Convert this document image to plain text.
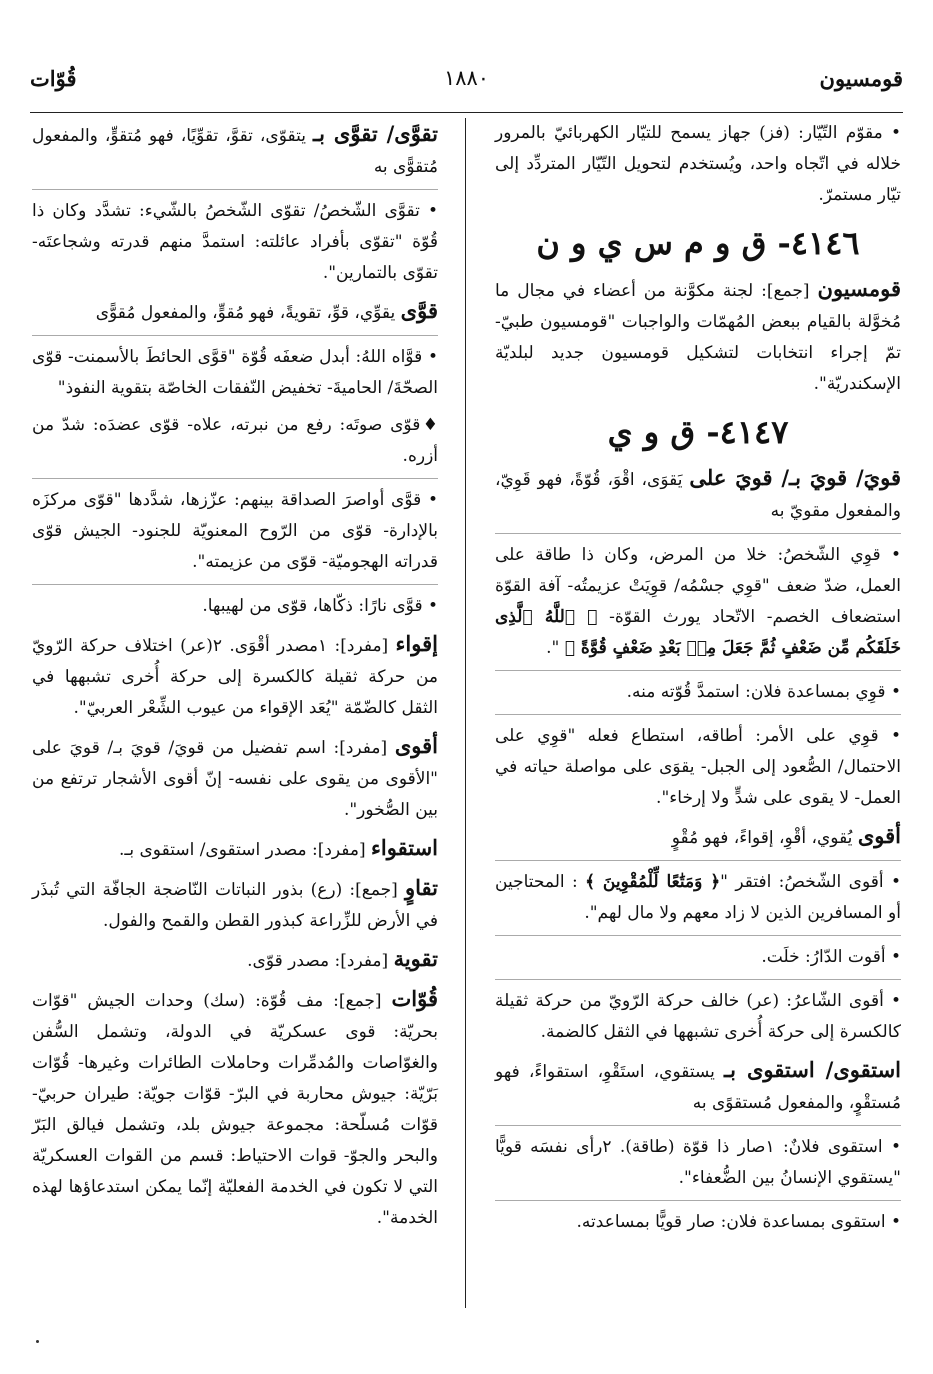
قومسيون
١٨٨٠
قُوّات

• مقوّم التّيّار: (فز) جهاز يسمح للتيّار الكهربائيّ بالمرور خلاله في اتّجاه واحد، ويُستخدم لتحويل التّيّار المتردِّد إلى تيّار مستمرّ.

٤١٤٦- ق و م س ي و ن

قومسيون [جمع]: لجنة مكوَّنة من أعضاء في مجال ما مُخوَّلة بالقيام ببعض المُهمّات والواجبات "قومسيون طبيّ- تمّ إجراء انتخابات لتشكيل قومسيون جديد لبلديّة الإسكندريّة".

٤١٤٧- ق و ي

قويَ/ قويَ بـ/ قويَ على يَقوَى، اقْوَ، قُوّةً، فهو قَوِيّ، والمفعول مقويّ به

• قوِي الشّخصُ: خلا من المرض، وكان ذا طاقة على العمل، ضدّ ضعف "قوِي جسْمُه/ قوِيَتْ عزيمتُه- آفة القوّة استضعاف الخصم- الاتّحاد يورث القوّة- ﴿ ٱللَّهُ ٱلَّذِى خَلَقَكُم مِّن ضَعْفٍ ثُمَّ جَعَلَ مِنۢ بَعْدِ ضَعْفٍ قُوَّةً ﴾ ".

• قوِي بمساعدة فلان: استمدَّ قُوّته منه.

• قوِي على الأمر: أطاقه، استطاع فعله "قوِي على الاحتمال/ الصُّعود إلى الجبل- يقوَى على مواصلة حياته في العمل- لا يقوى على شدٍّ ولا إرخاء".

أقوى يُقوي، أقْوِ، إقواءً، فهو مُقْوٍ

• أقوى الشّخصُ: افتقر "﴿ وَمَتَٰعًا لِّلْمُقْوِينَ ﴾ : المحتاجين أو المسافرين الذين لا زاد معهم ولا مال لهم".

• أقوت الدّارُ: خلَت.

• أقوى الشّاعرُ: (عر) خالف حركة الرّويّ من حركة ثقيلة كالكسرة إلى حركة أُخرى تشبهها في الثقل كالضمة.

استقوى/ استقوى بـ يستقوي، استَقْوِ، استقواءً، فهو مُستقْوٍ، والمفعول مُستقوًى به

• استقوى فلانٌ: ١صار ذا قوّة (طاقة). ٢رأى نفسَه قويًّا "يستقوي الإنسانُ بين الضُّعفاء".

• استقوى بمساعدة فلان: صار قويًّا بمساعدته.

تقوَّى/ تقوَّى بـ يتقوّى، تقوَّ، تقوِّيًا، فهو مُتقوٍّ، والمفعول مُتقوًّى به

• تقوَّى الشّخصُ/ تقوّى الشّخصُ بالشّيء: تشدَّد وكان ذا قُوّة "تقوّى بأفراد عائلته: استمدَّ منهم قدرته وشجاعتَه- تقوّى بالتمارين".

قوَّى يقوِّي، قوِّ، تقويةً، فهو مُقوٍّ، والمفعول مُقوًّى

• قوَّاه اللهُ: أبدل ضعفَه قُوّة "قوَّى الحائطَ بالأسمنت- قوّى الصحّةَ/ الحاميةَ- تخفيض النّفقات الخاصّة بتقوية النفوذ"

♦قوّى صوتَه: رفع من نبرته، علاه- قوّى عضدَه: شدّ من أزره.

• قوَّى أواصرَ الصداقة بينهم: عزّزها، شدَّدها "قوّى مركزَه بالإدارة- قوّى من الرّوح المعنويّة للجنود- الجيش قوّى قدراته الهجوميّة- قوّى من عزيمته".

• قوَّى نارًا: ذكّاها، قوّى من لهيبها.

إقواء [مفرد]: ١مصدر أقْوَى. ٢(عر) اختلاف حركة الرّويّ من حركة ثقيلة كالكسرة إلى حركة أُخرى تشبهها في الثقل كالضّمّة "يُعَد الإقواء من عيوب الشِّعْر العربيّ".

أقوى [مفرد]: اسم تفضيل من قويَ/ قويَ بـ/ قويَ على "الأقوى من يقوى على نفسه- إنّ أقوى الأشجار ترتفع من بين الصُّخور".

استقواء [مفرد]: مصدر استقوى/ استقوى بـ.

تقاوٍ [جمع]: (رع) بذور النباتات النّاضجة الجافّة التي تُبذَر في الأرض للزِّراعة كبذور القطن والقمح والفول.

تقوية [مفرد]: مصدر قوّى.

قُوّات [جمع]: مف قُوّة: (سك) وحدات الجيش "قوّات بحريّة: قوى عسكريّة في الدولة، وتشمل السُّفن والغوّاصات والمُدمِّرات وحاملات الطائرات وغيرها- قُوّات بَرّيّة: جيوش محاربة في البرّ- قوّات جويّة: طيران حربيّ- قوّات مُسلّحة: مجموعة جيوش بلد، وتشمل فيالق البَرّ والبحر والجوّ- قوات الاحتياط: قسم من القوات العسكريّة التي لا تكون في الخدمة الفعليّة إنّما يمكن استدعاؤها لهذه الخدمة".
